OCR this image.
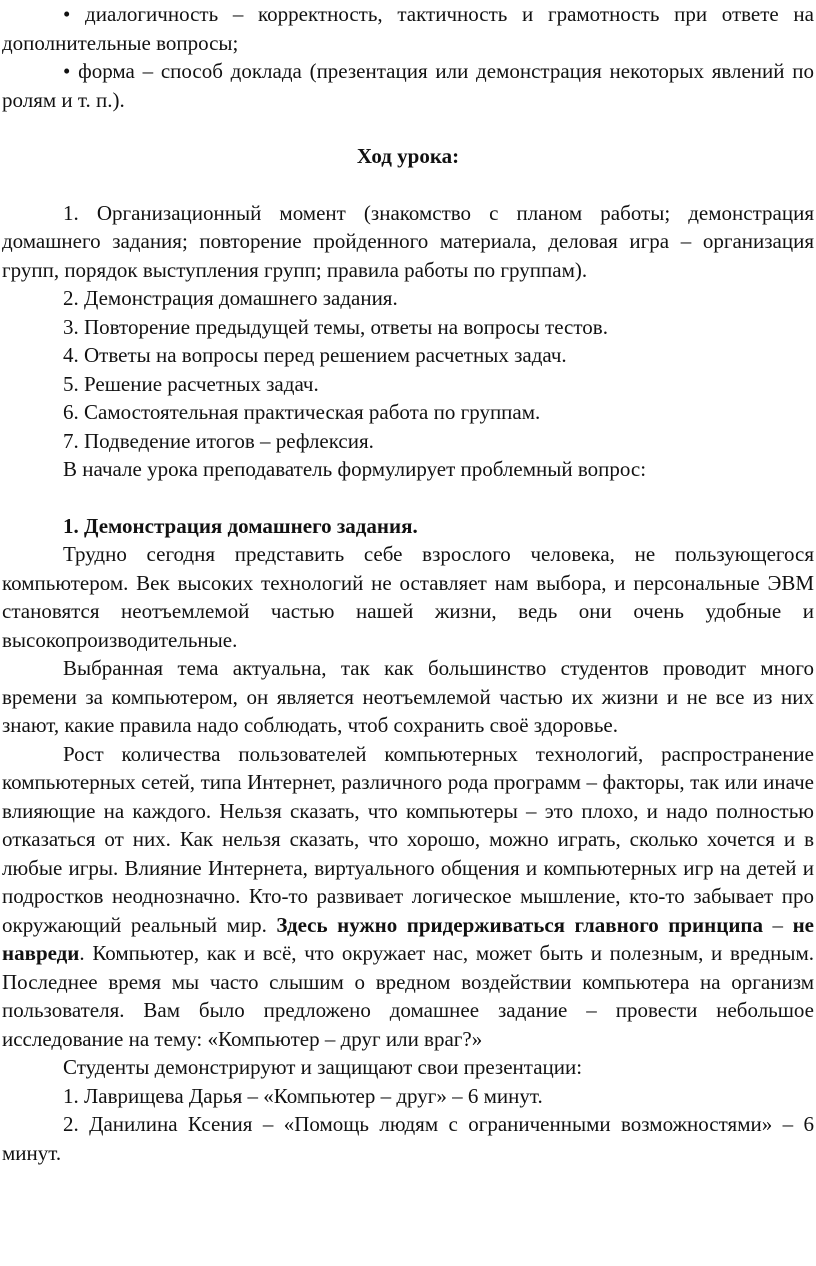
• диалогичность – корректность, тактичность и грамотность при ответе на дополнительные вопросы;

• форма – способ доклада (презентация или демонстрация некоторых явлений по ролям и т. п.).

Ход урока:

1. Организационный момент (знакомство с планом работы; демонстрация домашнего задания; повторение пройденного материала, деловая игра – организация групп, порядок выступления групп; правила работы по группам).

2. Демонстрация домашнего задания.

3. Повторение предыдущей темы, ответы на вопросы тестов.

4. Ответы на вопросы перед решением расчетных задач.

5. Решение расчетных задач.

6. Самостоятельная практическая работа по группам.

7. Подведение итогов – рефлексия.

В начале урока преподаватель формулирует проблемный вопрос:

1. Демонстрация домашнего задания.

Трудно сегодня представить себе взрослого человека, не пользующегося компьютером. Век высоких технологий не оставляет нам выбора, и персональные ЭВМ становятся неотъемлемой частью нашей жизни, ведь они очень удобные и высокопроизводительные.

Выбранная тема актуальна, так как большинство студентов проводит много времени за компьютером, он является неотъемлемой частью их жизни и не все из них знают, какие правила надо соблюдать, чтоб сохранить своё здоровье.

Рост количества пользователей компьютерных технологий, распространение компьютерных сетей, типа Интернет, различного рода программ – факторы, так или иначе влияющие на каждого. Нельзя сказать, что компьютеры – это плохо, и надо полностью отказаться от них. Как нельзя сказать, что хорошо, можно играть, сколько хочется и в любые игры. Влияние Интернета, виртуального общения и компьютерных игр на детей и подростков неоднозначно. Кто-то развивает логическое мышление, кто-то забывает про окружающий реальный мир. Здесь нужно придерживаться главного принципа – не навреди. Компьютер, как и всё, что окружает нас, может быть и полезным, и вредным. Последнее время мы часто слышим о вредном воздействии компьютера на организм пользователя. Вам было предложено домашнее задание – провести небольшое исследование на тему: «Компьютер – друг или враг?»

Студенты демонстрируют и защищают свои презентации:

1. Лаврищева Дарья – «Компьютер – друг» – 6 минут.

2. Данилина Ксения – «Помощь людям с ограниченными возможностями» – 6 минут.
